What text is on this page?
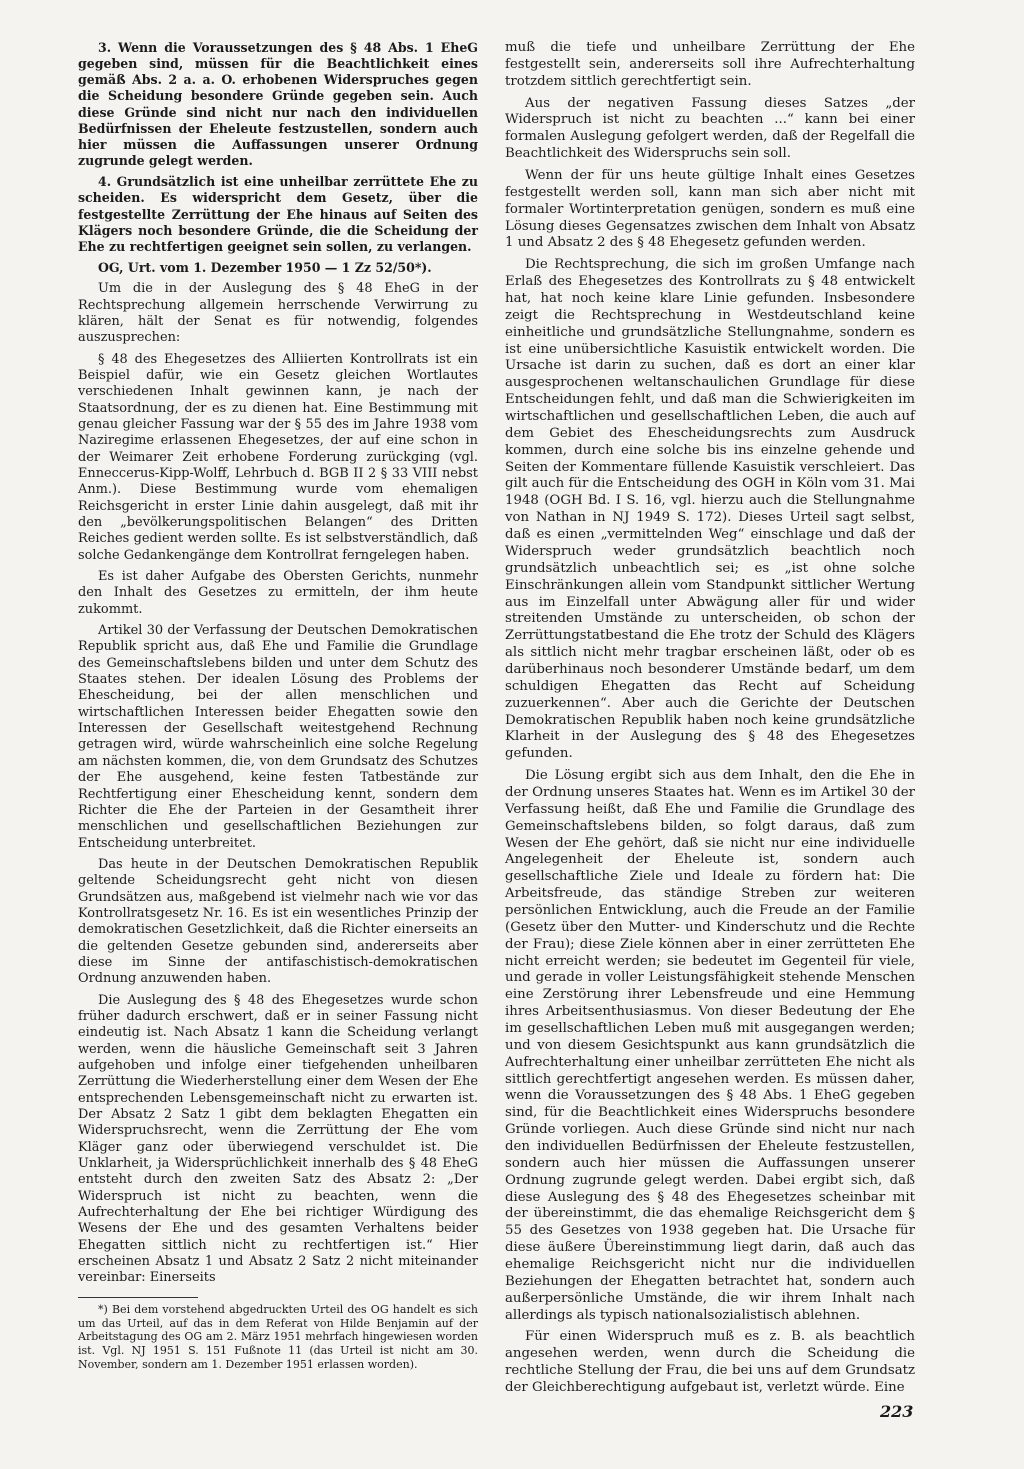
3. Wenn die Voraussetzungen des § 48 Abs. 1 EheG gegeben sind, müssen für die Beachtlichkeit eines gemäß Abs. 2 a. a. O. erhobenen Widerspruches gegen die Scheidung besondere Gründe gegeben sein. Auch diese Gründe sind nicht nur nach den individuellen Bedürfnissen der Eheleute festzustellen, sondern auch hier müssen die Auffassungen unserer Ordnung zugrunde gelegt werden.

4. Grundsätzlich ist eine unheilbar zerrüttete Ehe zu scheiden. Es widerspricht dem Gesetz, über die festgestellte Zerrüttung der Ehe hinaus auf Seiten des Klägers noch besondere Gründe, die die Scheidung der Ehe zu rechtfertigen geeignet sein sollen, zu verlangen.

OG, Urt. vom 1. Dezember 1950 — 1 Zz 52/50*).

Um die in der Auslegung des § 48 EheG in der Rechtsprechung allgemein herrschende Verwirrung zu klären, hält der Senat es für notwendig, folgendes auszusprechen:

§ 48 des Ehegesetzes des Alliierten Kontrollrats ist ein Beispiel dafür, wie ein Gesetz gleichen Wortlautes verschiedenen Inhalt gewinnen kann, je nach der Staatsordnung, der es zu dienen hat. Eine Bestimmung mit genau gleicher Fassung war der § 55 des im Jahre 1938 vom Naziregime erlassenen Ehegesetzes, der auf eine schon in der Weimarer Zeit erhobene Forderung zurückging (vgl. Enneccerus-Kipp-Wolff, Lehrbuch d. BGB II 2 § 33 VIII nebst Anm.). Diese Bestimmung wurde vom ehemaligen Reichsgericht in erster Linie dahin ausgelegt, daß mit ihr den „bevölkerungspolitischen Belangen“ des Dritten Reiches gedient werden sollte. Es ist selbstverständlich, daß solche Gedankengänge dem Kontrollrat ferngelegen haben.

Es ist daher Aufgabe des Obersten Gerichts, nunmehr den Inhalt des Gesetzes zu ermitteln, der ihm heute zukommt.

Artikel 30 der Verfassung der Deutschen Demokratischen Republik spricht aus, daß Ehe und Familie die Grundlage des Gemeinschaftslebens bilden und unter dem Schutz des Staates stehen. Der idealen Lösung des Problems der Ehescheidung, bei der allen menschlichen und wirtschaftlichen Interessen beider Ehegatten sowie den Interessen der Gesellschaft weitestgehend Rechnung getragen wird, würde wahrscheinlich eine solche Regelung am nächsten kommen, die, von dem Grundsatz des Schutzes der Ehe ausgehend, keine festen Tatbestände zur Rechtfertigung einer Ehescheidung kennt, sondern dem Richter die Ehe der Parteien in der Gesamtheit ihrer menschlichen und gesellschaftlichen Beziehungen zur Entscheidung unterbreitet.

Das heute in der Deutschen Demokratischen Republik geltende Scheidungsrecht geht nicht von diesen Grundsätzen aus, maßgebend ist vielmehr nach wie vor das Kontrollratsgesetz Nr. 16. Es ist ein wesentliches Prinzip der demokratischen Gesetzlichkeit, daß die Richter einerseits an die geltenden Gesetze gebunden sind, andererseits aber diese im Sinne der antifaschistisch-demokratischen Ordnung anzuwenden haben.

Die Auslegung des § 48 des Ehegesetzes wurde schon früher dadurch erschwert, daß er in seiner Fassung nicht eindeutig ist. Nach Absatz 1 kann die Scheidung verlangt werden, wenn die häusliche Gemeinschaft seit 3 Jahren aufgehoben und infolge einer tiefgehenden unheilbaren Zerrüttung die Wiederherstellung einer dem Wesen der Ehe entsprechenden Lebensgemeinschaft nicht zu erwarten ist. Der Absatz 2 Satz 1 gibt dem beklagten Ehegatten ein Widerspruchsrecht, wenn die Zerrüttung der Ehe vom Kläger ganz oder überwiegend verschuldet ist. Die Unklarheit, ja Widersprüchlichkeit innerhalb des § 48 EheG entsteht durch den zweiten Satz des Absatz 2: „Der Widerspruch ist nicht zu beachten, wenn die Aufrechterhaltung der Ehe bei richtiger Würdigung des Wesens der Ehe und des gesamten Verhaltens beider Ehegatten sittlich nicht zu rechtfertigen ist.“ Hier erscheinen Absatz 1 und Absatz 2 Satz 2 nicht miteinander vereinbar: Einerseits

*) Bei dem vorstehend abgedruckten Urteil des OG handelt es sich um das Urteil, auf das in dem Referat von Hilde Benjamin auf der Arbeitstagung des OG am 2. März 1951 mehrfach hingewiesen worden ist. Vgl. NJ 1951 S. 151 Fußnote 11 (das Urteil ist nicht am 30. November, sondern am 1. Dezember 1951 erlassen worden).

muß die tiefe und unheilbare Zerrüttung der Ehe festgestellt sein, andererseits soll ihre Aufrechterhaltung trotzdem sittlich gerechtfertigt sein.

Aus der negativen Fassung dieses Satzes „der Widerspruch ist nicht zu beachten ...“ kann bei einer formalen Auslegung gefolgert werden, daß der Regelfall die Beachtlichkeit des Widerspruchs sein soll.

Wenn der für uns heute gültige Inhalt eines Gesetzes festgestellt werden soll, kann man sich aber nicht mit formaler Wortinterpretation genügen, sondern es muß eine Lösung dieses Gegensatzes zwischen dem Inhalt von Absatz 1 und Absatz 2 des § 48 Ehegesetz gefunden werden.

Die Rechtsprechung, die sich im großen Umfange nach Erlaß des Ehegesetzes des Kontrollrats zu § 48 entwickelt hat, hat noch keine klare Linie gefunden. Insbesondere zeigt die Rechtsprechung in Westdeutschland keine einheitliche und grundsätzliche Stellungnahme, sondern es ist eine unübersichtliche Kasuistik entwickelt worden. Die Ursache ist darin zu suchen, daß es dort an einer klar ausgesprochenen weltanschaulichen Grundlage für diese Entscheidungen fehlt, und daß man die Schwierigkeiten im wirtschaftlichen und gesellschaftlichen Leben, die auch auf dem Gebiet des Ehescheidungsrechts zum Ausdruck kommen, durch eine solche bis ins einzelne gehende und Seiten der Kommentare füllende Kasuistik verschleiert. Das gilt auch für die Entscheidung des OGH in Köln vom 31. Mai 1948 (OGH Bd. I S. 16, vgl. hierzu auch die Stellungnahme von Nathan in NJ 1949 S. 172). Dieses Urteil sagt selbst, daß es einen „vermittelnden Weg“ einschlage und daß der Widerspruch weder grundsätzlich beachtlich noch grundsätzlich unbeachtlich sei; es „ist ohne solche Einschränkungen allein vom Standpunkt sittlicher Wertung aus im Einzelfall unter Abwägung aller für und wider streitenden Umstände zu unterscheiden, ob schon der Zerrüttungstatbestand die Ehe trotz der Schuld des Klägers als sittlich nicht mehr tragbar erscheinen läßt, oder ob es darüberhinaus noch besonderer Umstände bedarf, um dem schuldigen Ehegatten das Recht auf Scheidung zuzuerkennen“. Aber auch die Gerichte der Deutschen Demokratischen Republik haben noch keine grundsätzliche Klarheit in der Auslegung des § 48 des Ehegesetzes gefunden.

Die Lösung ergibt sich aus dem Inhalt, den die Ehe in der Ordnung unseres Staates hat. Wenn es im Artikel 30 der Verfassung heißt, daß Ehe und Familie die Grundlage des Gemeinschaftslebens bilden, so folgt daraus, daß zum Wesen der Ehe gehört, daß sie nicht nur eine individuelle Angelegenheit der Eheleute ist, sondern auch gesellschaftliche Ziele und Ideale zu fördern hat: Die Arbeitsfreude, das ständige Streben zur weiteren persönlichen Entwicklung, auch die Freude an der Familie (Gesetz über den Mutter- und Kinderschutz und die Rechte der Frau); diese Ziele können aber in einer zerrütteten Ehe nicht erreicht werden; sie bedeutet im Gegenteil für viele, und gerade in voller Leistungsfähigkeit stehende Menschen eine Zerstörung ihrer Lebensfreude und eine Hemmung ihres Arbeitsenthusiasmus. Von dieser Bedeutung der Ehe im gesellschaftlichen Leben muß mit ausgegangen werden; und von diesem Gesichtspunkt aus kann grundsätzlich die Aufrechterhaltung einer unheilbar zerrütteten Ehe nicht als sittlich gerechtfertigt angesehen werden. Es müssen daher, wenn die Voraussetzungen des § 48 Abs. 1 EheG gegeben sind, für die Beachtlichkeit eines Widerspruchs besondere Gründe vorliegen. Auch diese Gründe sind nicht nur nach den individuellen Bedürfnissen der Eheleute festzustellen, sondern auch hier müssen die Auffassungen unserer Ordnung zugrunde gelegt werden. Dabei ergibt sich, daß diese Auslegung des § 48 des Ehegesetzes scheinbar mit der übereinstimmt, die das ehemalige Reichsgericht dem § 55 des Gesetzes von 1938 gegeben hat. Die Ursache für diese äußere Übereinstimmung liegt darin, daß auch das ehemalige Reichsgericht nicht nur die individuellen Beziehungen der Ehegatten betrachtet hat, sondern auch außerpersönliche Umstände, die wir ihrem Inhalt nach allerdings als typisch nationalsozialistisch ablehnen.

Für einen Widerspruch muß es z. B. als beachtlich angesehen werden, wenn durch die Scheidung die rechtliche Stellung der Frau, die bei uns auf dem Grundsatz der Gleichberechtigung aufgebaut ist, verletzt würde. Eine

223
